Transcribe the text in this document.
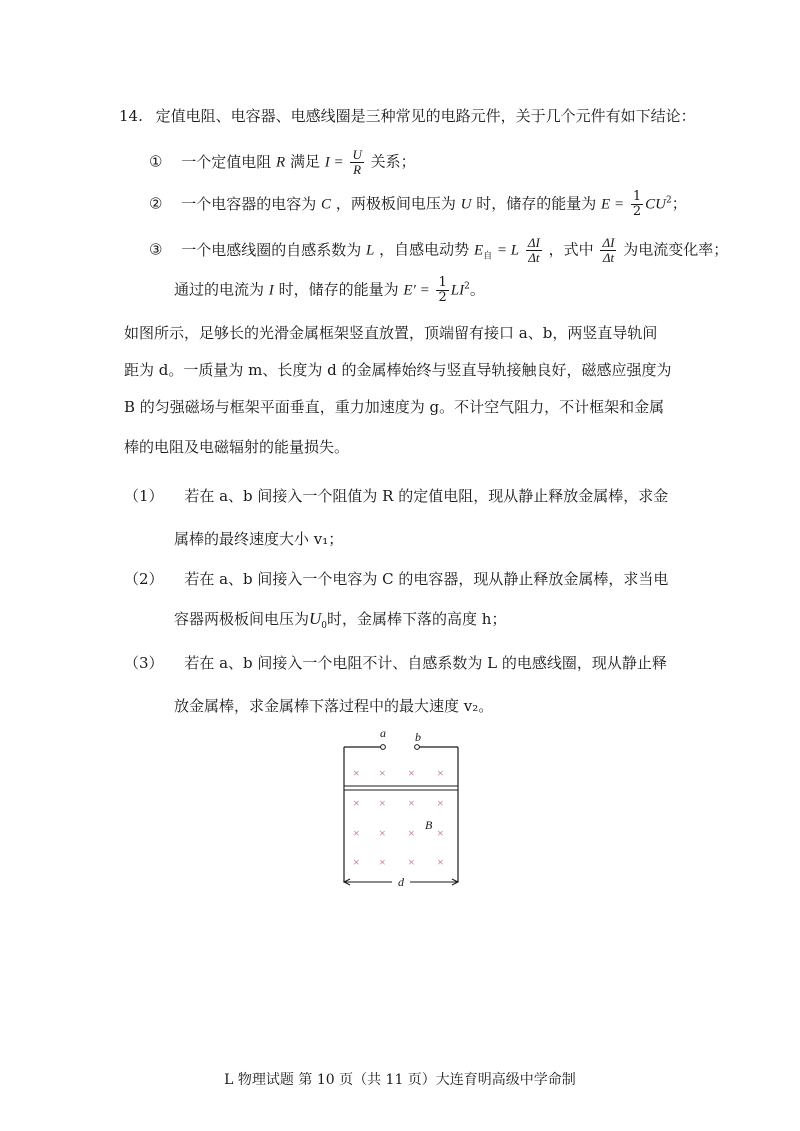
14. 定值电阻、电容器、电感线圈是三种常见的电路元件，关于几个元件有如下结论：
① 一个定值电阻 R 满足 $I = \frac{U}{R}$ 关系；
② 一个电容器的电容为 C ，两极板间电压为 U 时，储存的能量为 $E = \frac{1}{2} CU^2$；
③ 一个电感线圈的自感系数为 L ，自感电动势 $E_自 = L \frac{\Delta I}{\Delta t}$ ，式中 $\frac{\Delta I}{\Delta t}$ 为电流变化率；
通过的电流为 I 时，储存的能量为 $E' = \frac{1}{2} LI^2$。
如图所示，足够长的光滑金属框架竖直放置，顶端留有接口 a、b，两竖直导轨间
距为 d。一质量为 m、长度为 d 的金属棒始终与竖直导轨接触良好，磁感应强度为
B 的匀强磁场与框架平面垂直，重力加速度为 g。不计空气阻力，不计框架和金属
棒的电阻及电磁辐射的能量损失。
（1） 若在 a、b 间接入一个阻值为 R 的定值电阻，现从静止释放金属棒，求金
属棒的最终速度大小 v₁；
（2） 若在 a、b 间接入一个电容为 C 的电容器，现从静止释放金属棒，求当电
容器两极板间电压为$U_0$时，金属棒下落的高度 h；
（3） 若在 a、b 间接入一个电阻不计、自感系数为 L 的电感线圈，现从静止释
放金属棒，求金属棒下落过程中的最大速度 v₂。
a b
× × × ×
× × × ×
× × × ×
× × × ×
B
d
L 物理试题 第 10 页（共 11 页）大连育明高级中学命制
